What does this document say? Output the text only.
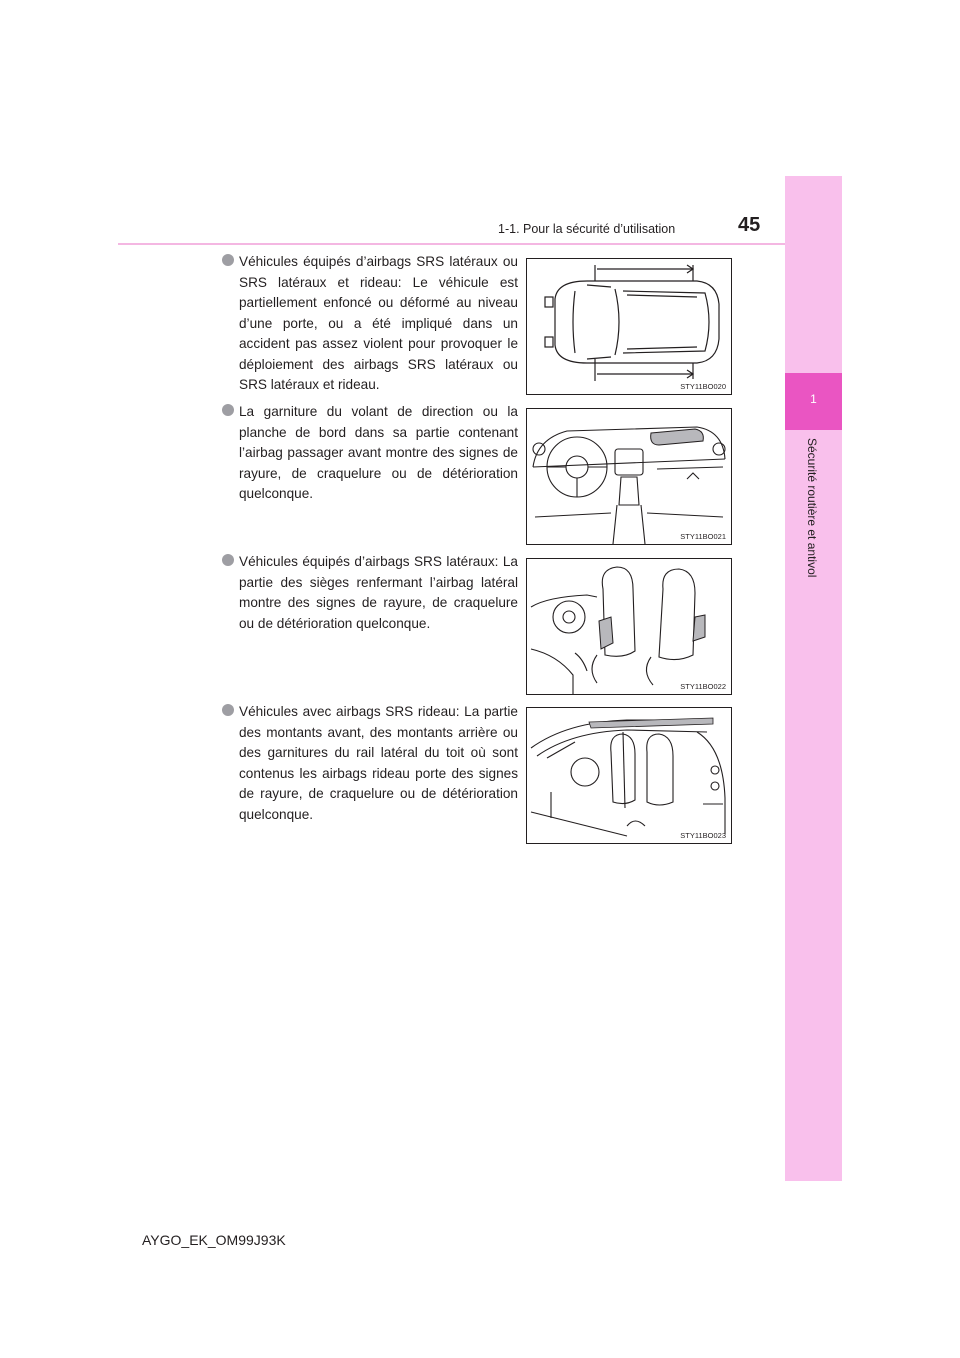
1-1. Pour la sécurité d’utilisation	45
1
Sécurité routière et antivol
Véhicules équipés d’airbags SRS latéraux ou SRS latéraux et rideau: Le véhicule est partiellement enfoncé ou déformé au niveau d’une porte, ou a été impliqué dans un accident pas assez violent pour provoquer le déploiement des airbags SRS latéraux ou SRS latéraux et rideau.	STY11BO020
La garniture du volant de direction ou la planche de bord dans sa partie contenant l’airbag passager avant montre des signes de rayure, de craquelure ou de détérioration quelconque.
STY11BO021
Véhicules équipés d’airbags SRS latéraux: La partie des sièges renfermant l’airbag latéral montre des signes de rayure, de craquelure ou de détérioration quelconque.
STY11BO022
Véhicules avec airbags SRS rideau: La partie des montants avant, des montants arrière ou des garnitures du rail latéral du toit où sont contenus les airbags rideau porte des signes de rayure, de craquelure ou de détérioration quelconque.
STY11BO023
AYGO_EK_OM99J93K
